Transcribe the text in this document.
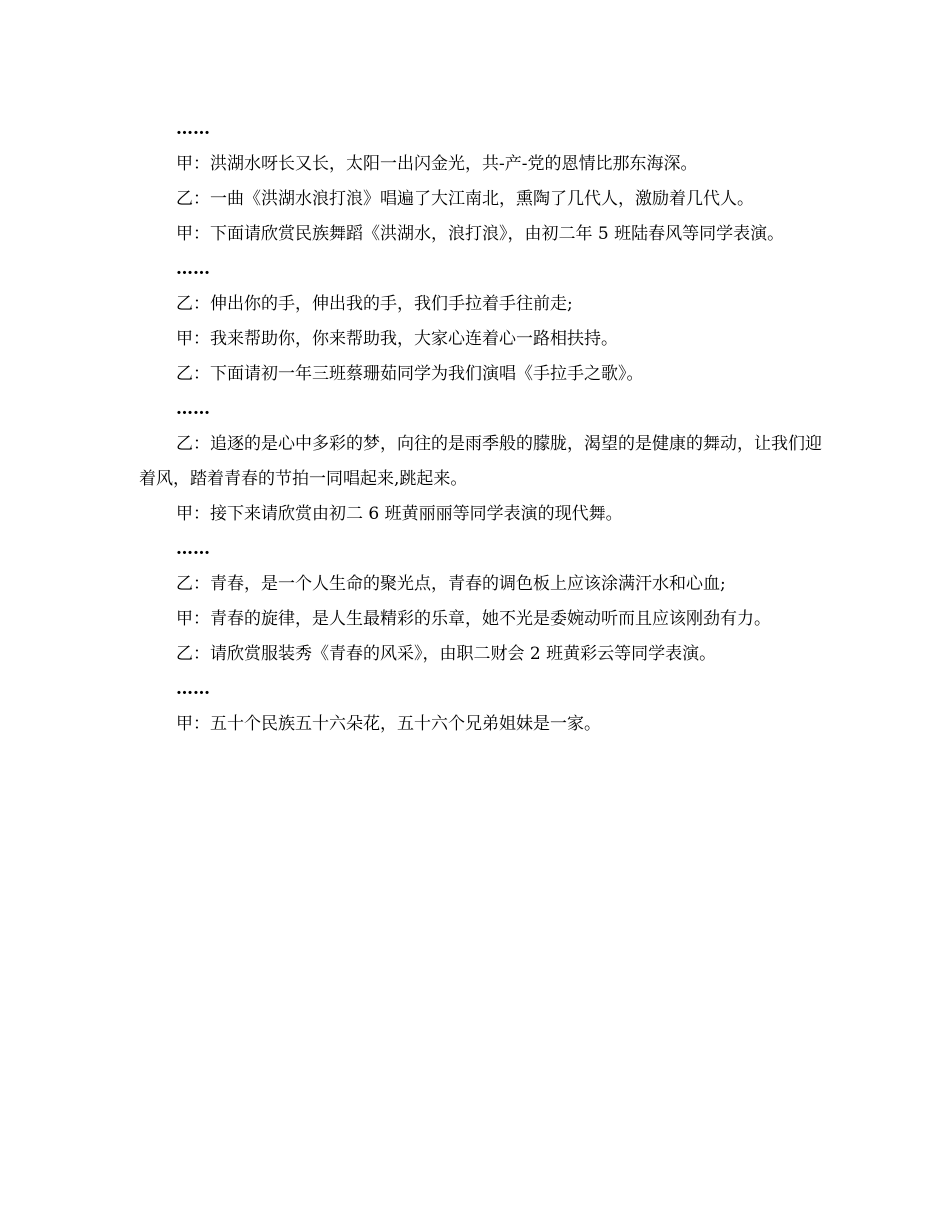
……

甲：洪湖水呀长又长，太阳一出闪金光，共-产-党的恩情比那东海深。

乙：一曲《洪湖水浪打浪》唱遍了大江南北，熏陶了几代人，激励着几代人。

甲：下面请欣赏民族舞蹈《洪湖水，浪打浪》，由初二年 5 班陆春风等同学表演。

……

乙：伸出你的手，伸出我的手，我们手拉着手往前走;

甲：我来帮助你，你来帮助我，大家心连着心一路相扶持。

乙：下面请初一年三班蔡珊茹同学为我们演唱《手拉手之歌》。

……

乙：追逐的是心中多彩的梦，向往的是雨季般的朦胧，渴望的是健康的舞动，让我们迎着风，踏着青春的节拍一同唱起来,跳起来。

甲：接下来请欣赏由初二 6 班黄丽丽等同学表演的现代舞。

……

乙：青春，是一个人生命的聚光点，青春的调色板上应该涂满汗水和心血;

甲：青春的旋律，是人生最精彩的乐章，她不光是委婉动听而且应该刚劲有力。

乙：请欣赏服装秀《青春的风采》，由职二财会 2 班黄彩云等同学表演。

……

甲：五十个民族五十六朵花，五十六个兄弟姐妹是一家。
